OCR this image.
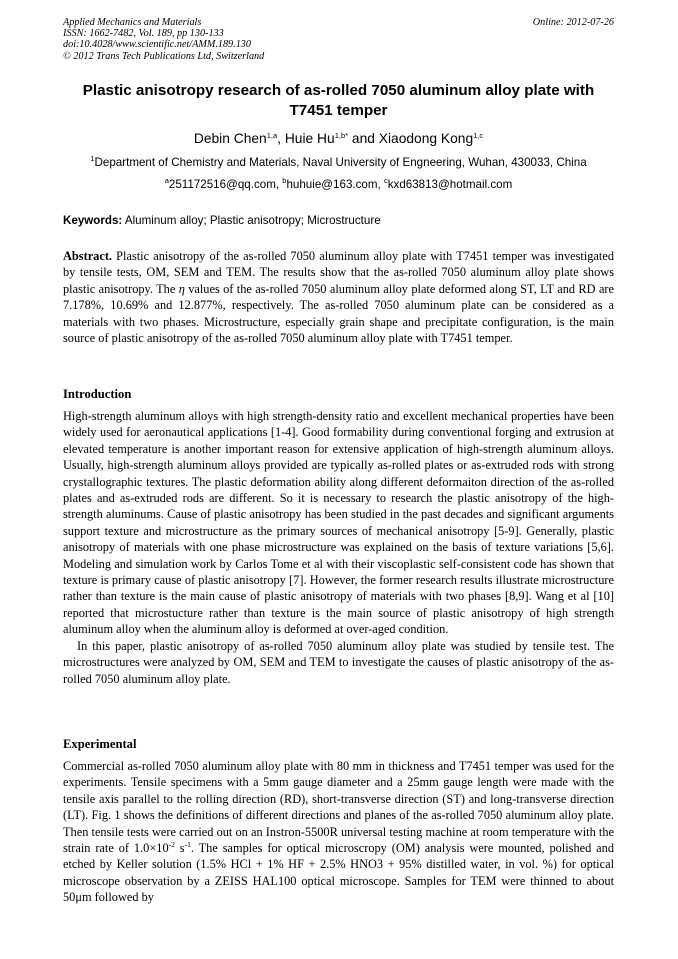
Applied Mechanics and Materials
ISSN: 1662-7482, Vol. 189, pp 130-133
doi:10.4028/www.scientific.net/AMM.189.130
© 2012 Trans Tech Publications Ltd, Switzerland
Online: 2012-07-26
Plastic anisotropy research of as-rolled 7050 aluminum alloy plate with T7451 temper
Debin Chen$^{1,a}$, Huie $Hu^{1,b*}$ and Xiaodong Kong$^{1,c}$
$^1$Department of Chemistry and Materials, Naval University of Engneering, Wuhan, 430033, China
$^a$251172516@qq.com, $^b$huhuie@163.com, $^c$kxd63813@hotmail.com
Keywords: Aluminum alloy; Plastic anisotropy; Microstructure

Abstract. Plastic anisotropy of the as-rolled 7050 aluminum alloy plate with T7451 temper was investigated by tensile tests, OM, SEM and TEM. The results show that the as-rolled 7050 aluminum alloy plate shows plastic anisotropy. The η values of the as-rolled 7050 aluminum alloy plate deformed along ST, LT and RD are 7.178%, 10.69% and 12.877%, respectively. The as-rolled 7050 aluminum plate can be considered as a materials with two phases. Microstructure, especially grain shape and precipitate configuration, is the main source of plastic anisotropy of the as-rolled 7050 aluminum alloy plate with T7451 temper.

Introduction

High-strength aluminum alloys with high strength-density ratio and excellent mechanical properties have been widely used for aeronautical applications [1-4]. Good formability during conventional forging and extrusion at elevated temperature is another important reason for extensive application of high-strength aluminum alloys. Usually, high-strength aluminum alloys provided are typically as-rolled plates or as-extruded rods with strong crystallographic textures. The plastic deformation ability along different deformaiton direction of the as-rolled plates and as-extruded rods are different. So it is necessary to research the plastic anisotropy of the high-strength aluminums. Cause of plastic anisotropy has been studied in the past decades and significant arguments support texture and microstructure as the primary sources of mechanical anisotropy [5-9]. Generally, plastic anisotropy of materials with one phase microstructure was explained on the basis of texture variations [5,6]. Modeling and simulation work by Carlos Tome et al with their viscoplastic self-consistent code has shown that texture is primary cause of plastic anisotropy [7]. However, the former research results illustrate microstructure rather than texture is the main cause of plastic anisotropy of materials with two phases [8,9]. Wang et al [10] reported that microstucture rather than texture is the main source of plastic anisotropy of high strength aluminum alloy when the aluminum alloy is deformed at over-aged condition.

In this paper, plastic anisotropy of as-rolled 7050 aluminum alloy plate was studied by tensile test. The microstructures were analyzed by OM, SEM and TEM to investigate the causes of plastic anisotropy of the as-rolled 7050 aluminum alloy plate.

Experimental

Commercial as-rolled 7050 aluminum alloy plate with 80 mm in thickness and T7451 temper was used for the experiments. Tensile specimens with a 5mm gauge diameter and a 25mm gauge length were made with the tensile axis parallel to the rolling direction (RD), short-transverse direction (ST) and long-transverse direction (LT). Fig. 1 shows the definitions of different directions and planes of the as-rolled 7050 aluminum alloy plate. Then tensile tests were carried out on an Instron-5500R universal testing machine at room temperature with the strain rate of $1.0\times 10^{-2}$ $s^{-1}$. The samples for optical microscropy (OM) analysis were mounted, polished and etched by Keller solution (1.5% HCl + 1% HF + 2.5% HNO3 + 95% distilled water, in vol. %) for optical microscope observation by a ZEISS HAL100 optical microscope. Samples for TEM were thinned to about 50μm followed by
